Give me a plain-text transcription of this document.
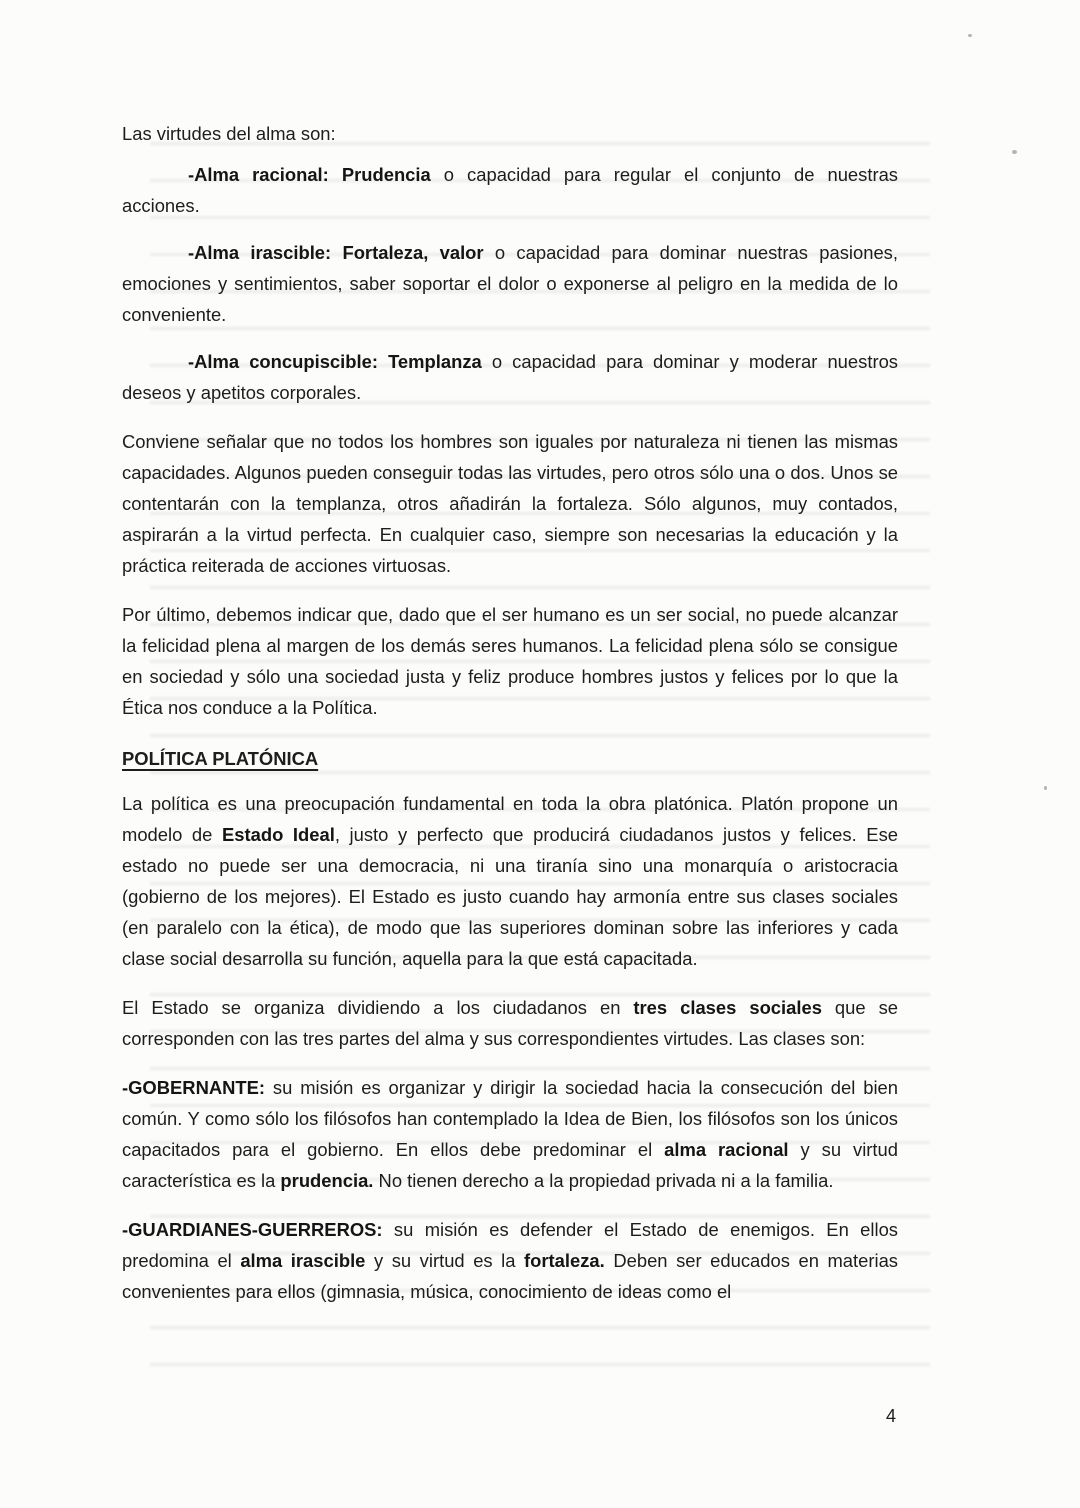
Las virtudes del alma son:

-Alma racional: Prudencia o capacidad para regular el conjunto de nuestras acciones.

-Alma irascible: Fortaleza, valor o capacidad para dominar nuestras pasiones, emociones y sentimientos, saber soportar el dolor o exponerse al peligro en la medida de lo conveniente.

-Alma concupiscible: Templanza o capacidad para dominar y moderar nuestros deseos y apetitos corporales.

Conviene señalar que no todos los hombres son iguales por naturaleza ni tienen las mismas capacidades. Algunos pueden conseguir todas las virtudes, pero otros sólo una o dos. Unos se contentarán con la templanza, otros añadirán la fortaleza. Sólo algunos, muy contados, aspirarán a la virtud perfecta. En cualquier caso, siempre son necesarias la educación y la práctica reiterada de acciones virtuosas.

Por último, debemos indicar que, dado que el ser humano es un ser social, no puede alcanzar la felicidad plena al margen de los demás seres humanos. La felicidad plena sólo se consigue en sociedad y sólo una sociedad justa y feliz produce hombres justos y felices por lo que la Ética nos conduce a la Política.

POLÍTICA PLATÓNICA

La política es una preocupación fundamental en toda la obra platónica. Platón propone un modelo de Estado Ideal, justo y perfecto que producirá ciudadanos justos y felices. Ese estado no puede ser una democracia, ni una tiranía sino una monarquía o aristocracia (gobierno de los mejores). El Estado es justo cuando hay armonía entre sus clases sociales (en paralelo con la ética), de modo que las superiores dominan sobre las inferiores y cada clase social desarrolla su función, aquella para la que está capacitada.

El Estado se organiza dividiendo a los ciudadanos en tres clases sociales que se corresponden con las tres partes del alma y sus correspondientes virtudes. Las clases son:

-GOBERNANTE: su misión es organizar y dirigir la sociedad hacia la consecución del bien común. Y como sólo los filósofos han contemplado la Idea de Bien, los filósofos son los únicos capacitados para el gobierno. En ellos debe predominar el alma racional y su virtud característica es la prudencia. No tienen derecho a la propiedad privada ni a la familia.

-GUARDIANES-GUERREROS: su misión es defender el Estado de enemigos. En ellos predomina el alma irascible y su virtud es la fortaleza. Deben ser educados en materias convenientes para ellos (gimnasia, música, conocimiento de ideas como el

4
